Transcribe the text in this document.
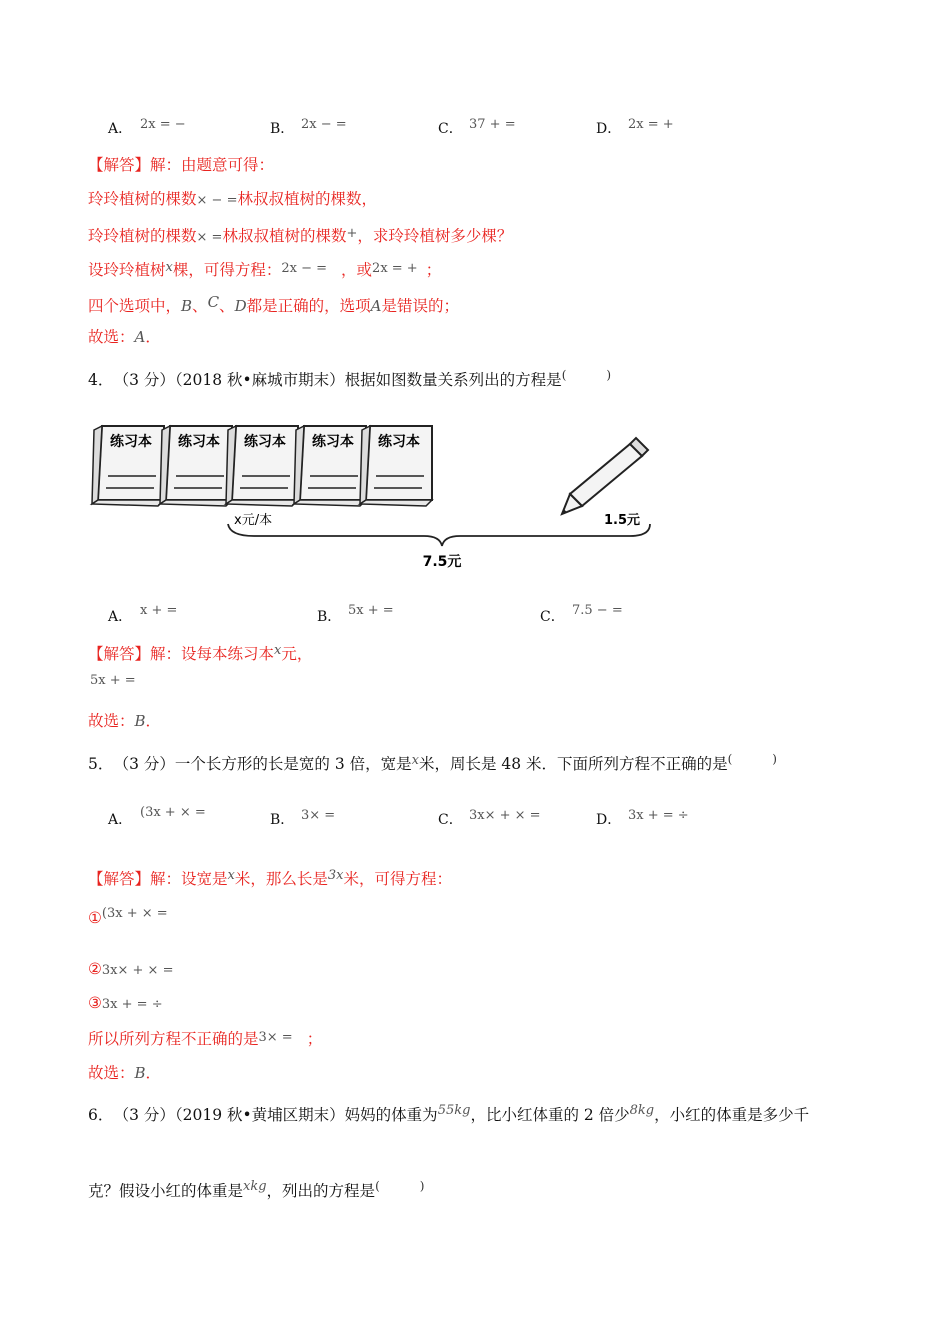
A． 2x = −	B． 2x − =	C． 37 + =	D． 2x = +
【解答】解：由题意可得：
玲玲植树的棵数× − =林叔叔植树的棵数，
玲玲植树的棵数× =林叔叔植树的棵数+，求玲玲植树多少棵？
设玲玲植树$^x$棵，可得方程：2x − = ，或2x = + ；
四个选项中，B、C、D都是正确的，选项A是错误的；
故选：A．
4． （3 分）（2018 秋•麻城市期末）根据如图数量关系列出的方程是(	)
练习本 练习本 练习本 练习本 练习本
x元/本	1.5元
7.5元
A． x + =	B． 5x + =	C． 7.5 − =
【解答】解：设每本练习本$^x$元，
5x + =
故选：B．
5． （3 分）一个长方形的长是宽的 3 倍，宽是$^x$米，周长是 48 米．下面所列方程不正确的是(	)
A． (3x + × =	B． 3× =	C． 3x× + × =	D． 3x + = ÷
【解答】解：设宽是$^x$米，那么长是$^{3x}$米，可得方程：
①$^{(3x + \times =}$
②3x× + × =
③3x + = ÷
所以所列方程不正确的是3× = ；
故选：B．
6． （3 分）（2019 秋•黄埔区期末）妈妈的体重为$^{55kg}$，比小红体重的 2 倍少$^{8kg}$，小红的体重是多少千
克？假设小红的体重是$^{xkg}$，列出的方程是(	)
